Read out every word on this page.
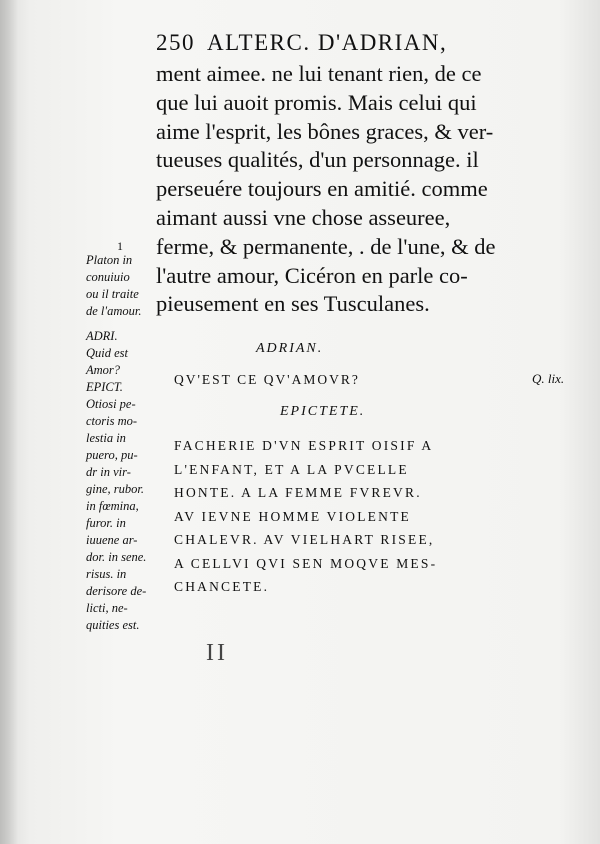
250 ALTERC. D'ADRIAN,
ment aimee. ne lui tenant rien, de ce
que lui auoit promis. Mais celui qui
aime l'esprit, les bônes graces, & ver-
tueuses qualités, d'un personnage. il
perseuére toujours en amitié. comme
aimant aussi vne chose asseuree,
ferme, & permanente, . de l'une, & de
l'autre amour, Cicéron en parle co-
pieusement en ses Tusculanes.
1
Platon in
conuiuio
ou il traite
de l'amour.
ADRI.
Quid est
Amor?
EPICT.
Otiosi pe-
ctoris mo-
lestia in
puero, pu-
dr in vir-
gine, rubor.
in fœmina,
furor. in
iuuene ar-
dor. in sene.
risus. in
derisore de-
licti, ne-
quities est.
ADRIAN.
QV'EST CE QV'AMOVR?	Q. lix.
EPICTETE.
FACHERIE D'VN ESPRIT OISIF A
L'ENFANT, ET A LA PVCELLE
HONTE. A LA FEMME FVREVR.
AV IEVNE HOMME VIOLENTE
CHALEVR. AV VIELHART RISEE,
A CELLVI QVI SEN MOQVE MES-
CHANCETE.
II
